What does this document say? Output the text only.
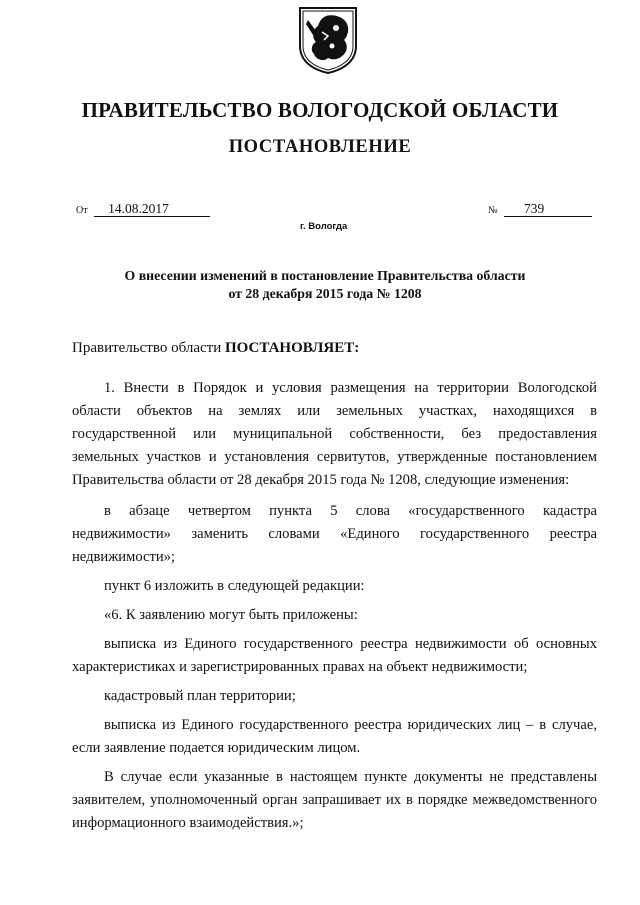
ПРАВИТЕЛЬСТВО ВОЛОГОДСКОЙ ОБЛАСТИ
ПОСТАНОВЛЕНИЕ
От 14.08.2017	№ 739
г. Вологда
О внесении изменений в постановление Правительства области
от 28 декабря 2015 года № 1208
Правительство области ПОСТАНОВЛЯЕТ:

1. Внести в Порядок и условия размещения на территории Вологодской области объектов на землях или земельных участках, находящихся в государственной или муниципальной собственности, без предоставления земельных участков и установления сервитутов, утвержденные постановлением Правительства области от 28 декабря 2015 года № 1208, следующие изменения:

в абзаце четвертом пункта 5 слова «государственного кадастра недвижимости» заменить словами «Единого государственного реестра недвижимости»;

пункт 6 изложить в следующей редакции:

«6. К заявлению могут быть приложены:

выписка из Единого государственного реестра недвижимости об основных характеристиках и зарегистрированных правах на объект недвижимости;

кадастровый план территории;

выписка из Единого государственного реестра юридических лиц – в случае, если заявление подается юридическим лицом.

В случае если указанные в настоящем пункте документы не представлены заявителем, уполномоченный орган запрашивает их в порядке межведомственного информационного взаимодействия.»;
